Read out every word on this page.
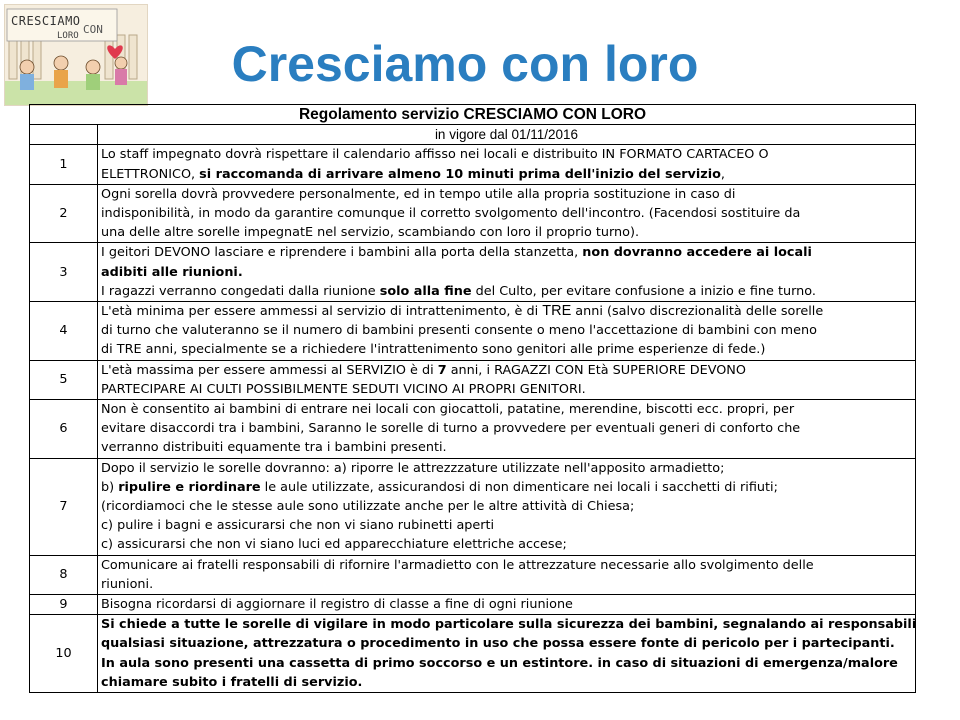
CRESCIAMO
CON
LORO	Cresciamo con loro
Regolamento servizio CRESCIAMO CON LORO	
	in vigore dal 01/11/2016
1	Lo staff impegnato dovrà rispettare il calendario affisso nei locali e distribuito IN FORMATO CARTACEO O
ELETTRONICO, si raccomanda di arrivare almeno 10 minuti prima dell'inizio del servizio,

2	Ogni sorella dovrà provvedere personalmente, ed in tempo utile alla propria sostituzione in caso di
indisponibilità, in modo da garantire comunque il corretto svolgomento dell'incontro. (Facendosi sostituire da
una delle altre sorelle impegnatE nel servizio, scambiando con loro il proprio turno).

3	I geitori DEVONO lasciare e riprendere i bambini alla porta della stanzetta, non dovranno accedere ai locali
adibiti alle riunioni.
I ragazzi verranno congedati dalla riunione solo alla fine del Culto, per evitare confusione a inizio e fine turno.

4	L'età minima per essere ammessi al servizio di intrattenimento, è di TRE anni (salvo discrezionalità delle sorelle
di turno che valuteranno se il numero di bambini presenti consente o meno l'accettazione di bambini con meno
di TRE anni, specialmente se a richiedere l'intrattenimento sono genitori alle prime esperienze di fede.)

5	L'età massima per essere ammessi al SERVIZIO è di 7 anni, i RAGAZZI CON Età SUPERIORE DEVONO
PARTECIPARE AI CULTI POSSIBILMENTE SEDUTI VICINO AI PROPRI GENITORI.

6	Non è consentito ai bambini di entrare nei locali con giocattoli, patatine, merendine, biscotti ecc. propri, per
evitare disaccordi tra i bambini, Saranno le sorelle di turno a provvedere per eventuali generi di conforto che
verranno distribuiti equamente tra i bambini presenti.

7	Dopo il servizio le sorelle dovranno: a) riporre le attrezzzature utilizzate nell'apposito armadietto;
b) ripulire e riordinare le aule utilizzate, assicurandosi di non dimenticare nei locali i sacchetti di rifiuti;
(ricordiamoci che le stesse aule sono utilizzate anche per le altre attività di Chiesa;
c) pulire i bagni e assicurarsi che non vi siano rubinetti aperti
c) assicurarsi che non vi siano luci ed apparecchiature elettriche accese;

8	Comunicare ai fratelli responsabili di rifornire l'armadietto con le attrezzature necessarie allo svolgimento delle
riunioni.

9	Bisogna ricordarsi di aggiornare il registro di classe a fine di ogni riunione

10	Si chiede a tutte le sorelle di vigilare in modo particolare sulla sicurezza dei bambini, segnalando ai responsabili
qualsiasi situazione, attrezzatura o procedimento in uso che possa essere fonte di pericolo per i partecipanti.
In aula sono presenti una cassetta di primo soccorso e un estintore. in caso di situazioni di emergenza/malore
chiamare subito i fratelli di servizio.
